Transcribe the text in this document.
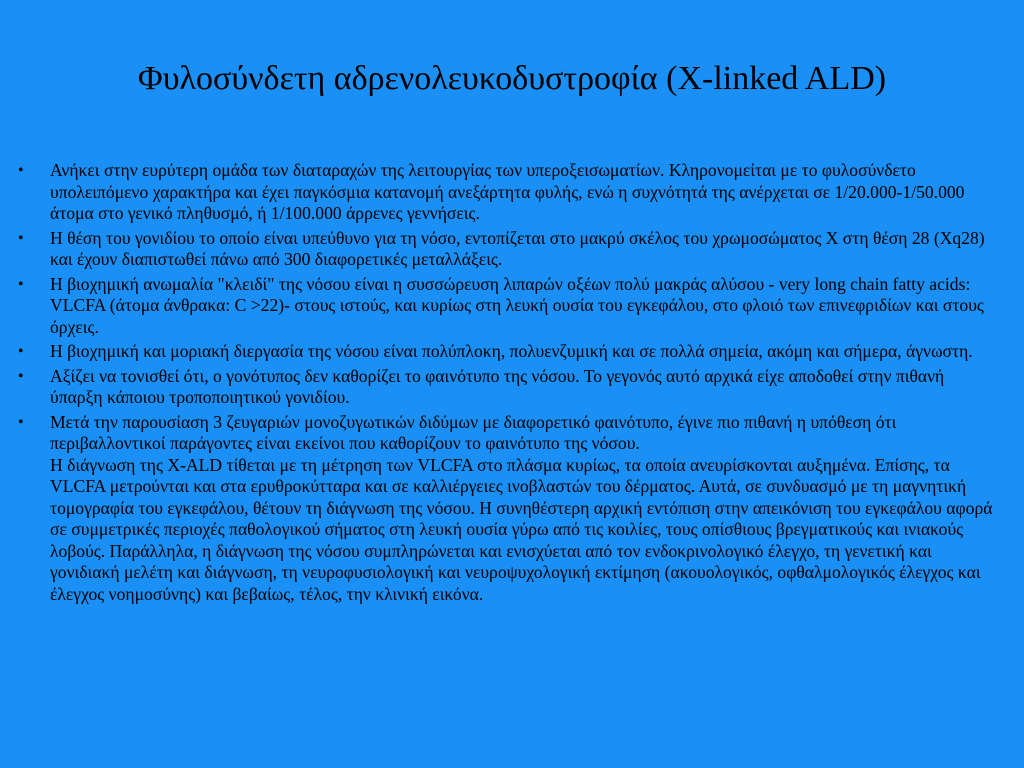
Φυλοσύνδετη αδρενολευκοδυστροφία (X-linked ALD)
•	Ανήκει στην ευρύτερη ομάδα των διαταραχών της λειτουργίας των υπεροξεισωματίων. Κληρονομείται με το φυλοσύνδετο υπολειπόμενο χαρακτήρα και έχει παγκόσμια κατανομή ανεξάρτητα φυλής, ενώ η συχνότητά της ανέρχεται σε 1/20.000-1/50.000 άτομα στο γενικό πληθυσμό, ή 1/100.000 άρρενες γεννήσεις.
•	Η θέση του γονιδίου το οποίο είναι υπεύθυνο για τη νόσο, εντοπίζεται στο μακρύ σκέλος του χρωμοσώματος Χ στη θέση 28 (Xq28) και έχουν διαπιστωθεί πάνω από 300 διαφορετικές μεταλλάξεις.
•	Η βιοχημική ανωμαλία "κλειδί" της νόσου είναι η συσσώρευση λιπαρών οξέων πολύ μακράς αλύσου - very long chain fatty acids: VLCFA (άτομα άνθρακα: C >22)- στους ιστούς, και κυρίως στη λευκή ουσία του εγκεφάλου, στο φλοιό των επινεφριδίων και στους όρχεις.
•	Η βιοχημική και μοριακή διεργασία της νόσου είναι πολύπλοκη, πολυενζυμική και σε πολλά σημεία, ακόμη και σήμερα, άγνωστη.
•	Αξίζει να τονισθεί ότι, ο γονότυπος δεν καθορίζει το φαινότυπο της νόσου. Το γεγονός αυτό αρχικά είχε αποδοθεί στην πιθανή ύπαρξη κάποιου τροποποιητικού γονιδίου.
•	Μετά την παρουσίαση 3 ζευγαριών μονοζυγωτικών διδύμων με διαφορετικό φαινότυπο, έγινε πιο πιθανή η υπόθεση ότι περιβαλλοντικοί παράγοντες είναι εκείνοι που καθορίζουν το φαινότυπο της νόσου.
Η διάγνωση της Χ-ALD τίθεται με τη μέτρηση των VLCFA στο πλάσμα κυρίως, τα οποία ανευρίσκονται αυξημένα. Επίσης, τα VLCFA μετρούνται και στα ερυθροκύτταρα και σε καλλιέργειες ινοβλαστών του δέρματος. Αυτά, σε συνδυασμό με τη μαγνητική τομογραφία του εγκεφάλου, θέτουν τη διάγνωση της νόσου. Η συνηθέστερη αρχική εντόπιση στην απεικόνιση του εγκεφάλου αφορά σε συμμετρικές περιοχές παθολογικού σήματος στη λευκή ουσία γύρω από τις κοιλίες, τους οπίσθιους βρεγματικούς και ινιακούς λοβούς. Παράλληλα, η διάγνωση της νόσου συμπληρώνεται και ενισχύεται από τον ενδοκρινολογικό έλεγχο, τη γενετική και γονιδιακή μελέτη και διάγνωση, τη νευροφυσιολογική και νευροψυχολογική εκτίμηση (ακουολογικός, οφθαλμολογικός έλεγχος και έλεγχος νοημοσύνης) και βεβαίως, τέλος, την κλινική εικόνα.
